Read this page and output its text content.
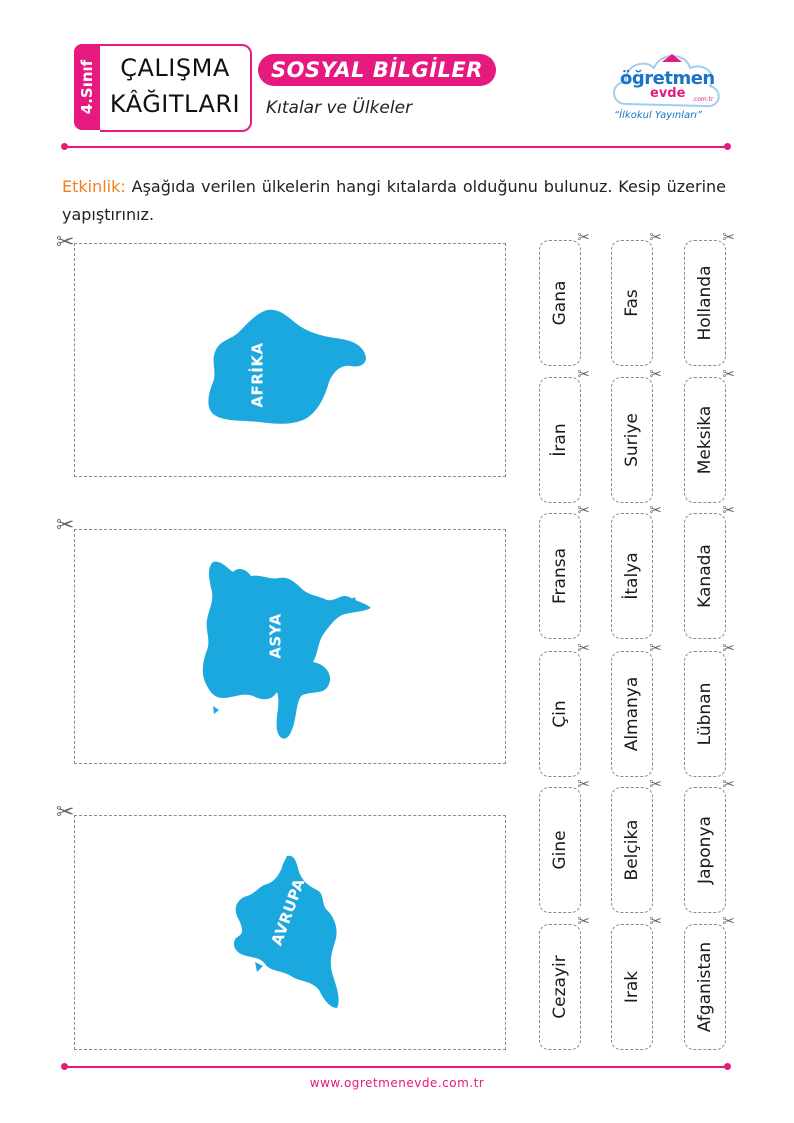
4.Sınıf	ÇALIŞMA
KÂĞITLARI
SOSYAL BİLGİLER
Kıtalar ve Ülkeler
öğretmen
evde .com.tr
“İlkokul Yayınları”
Etkinlik: Aşağıda verilen ülkelerin hangi kıtalarda olduğunu bulunuz. Kesip üzerine yapıştırınız.
✂
AFRİKA
✂
ASYA
✂
AVRUPA
✂
Gana
✂
İran
✂
Fransa
✂
Çin
✂
Gine
✂
Cezayir
✂
Fas
✂
Suriye
✂
İtalya
✂
Almanya
✂
Belçika
✂
Irak
✂
Hollanda
✂
Meksika
✂
Kanada
✂
Lübnan
✂
Japonya
✂
Afganistan
www.ogretmenevde.com.tr
